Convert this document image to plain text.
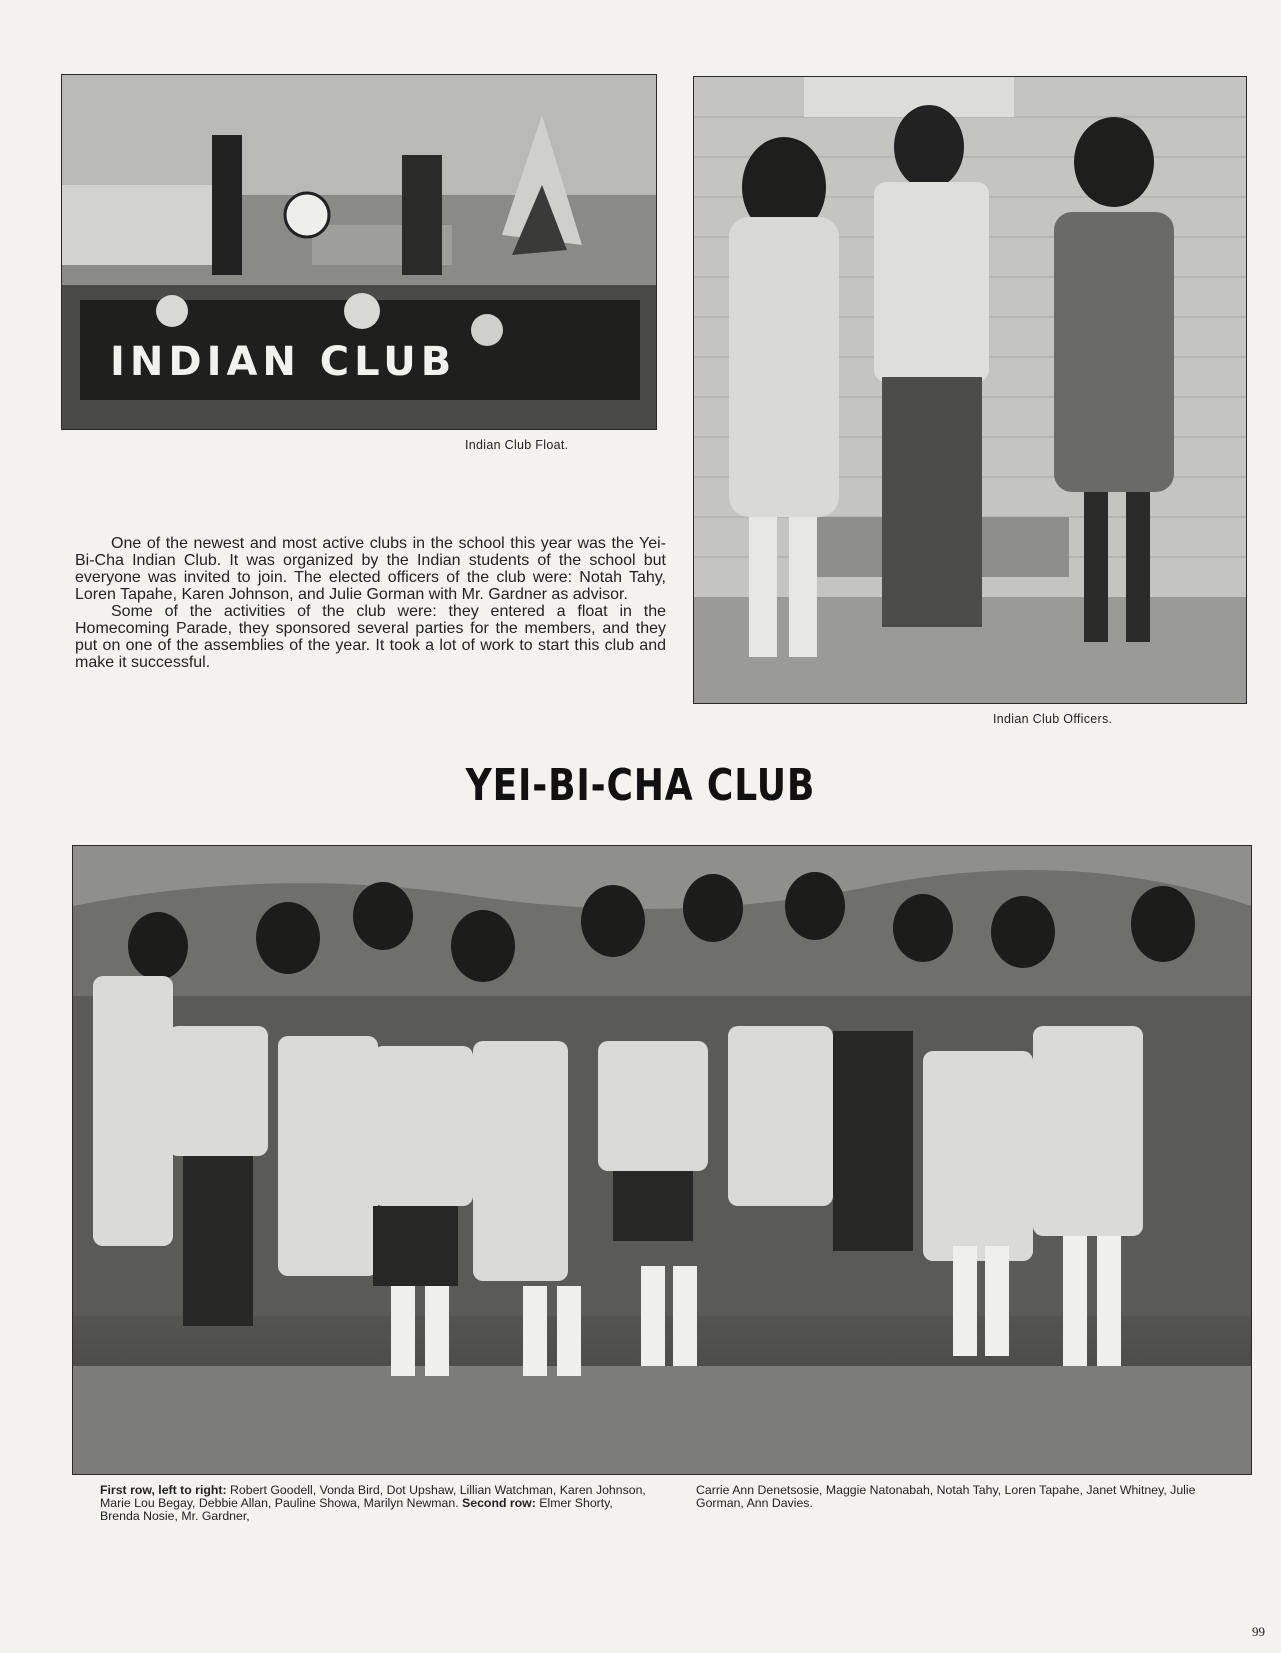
INDIAN CLUB
Indian Club Float.
Indian Club Officers.

One of the newest and most active clubs in the school this year was the Yei-Bi-Cha Indian Club. It was organized by the Indian students of the school but everyone was invited to join. The elected officers of the club were: Notah Tahy, Loren Tapahe, Karen Johnson, and Julie Gorman with Mr. Gardner as advisor.

Some of the activities of the club were: they entered a float in the Homecoming Parade, they sponsored several parties for the members, and they put on one of the assemblies of the year. It took a lot of work to start this club and make it successful.

YEI-BI-CHA CLUB
First row, left to right: Robert Goodell, Vonda Bird, Dot Upshaw, Lillian Watchman, Karen Johnson, Marie Lou Begay, Debbie Allan, Pauline Showa, Marilyn Newman. Second row: Elmer Shorty, Brenda Nosie, Mr. Gardner,
Carrie Ann Denetsosie, Maggie Natonabah, Notah Tahy, Loren Tapahe, Janet Whitney, Julie Gorman, Ann Davies.
99
